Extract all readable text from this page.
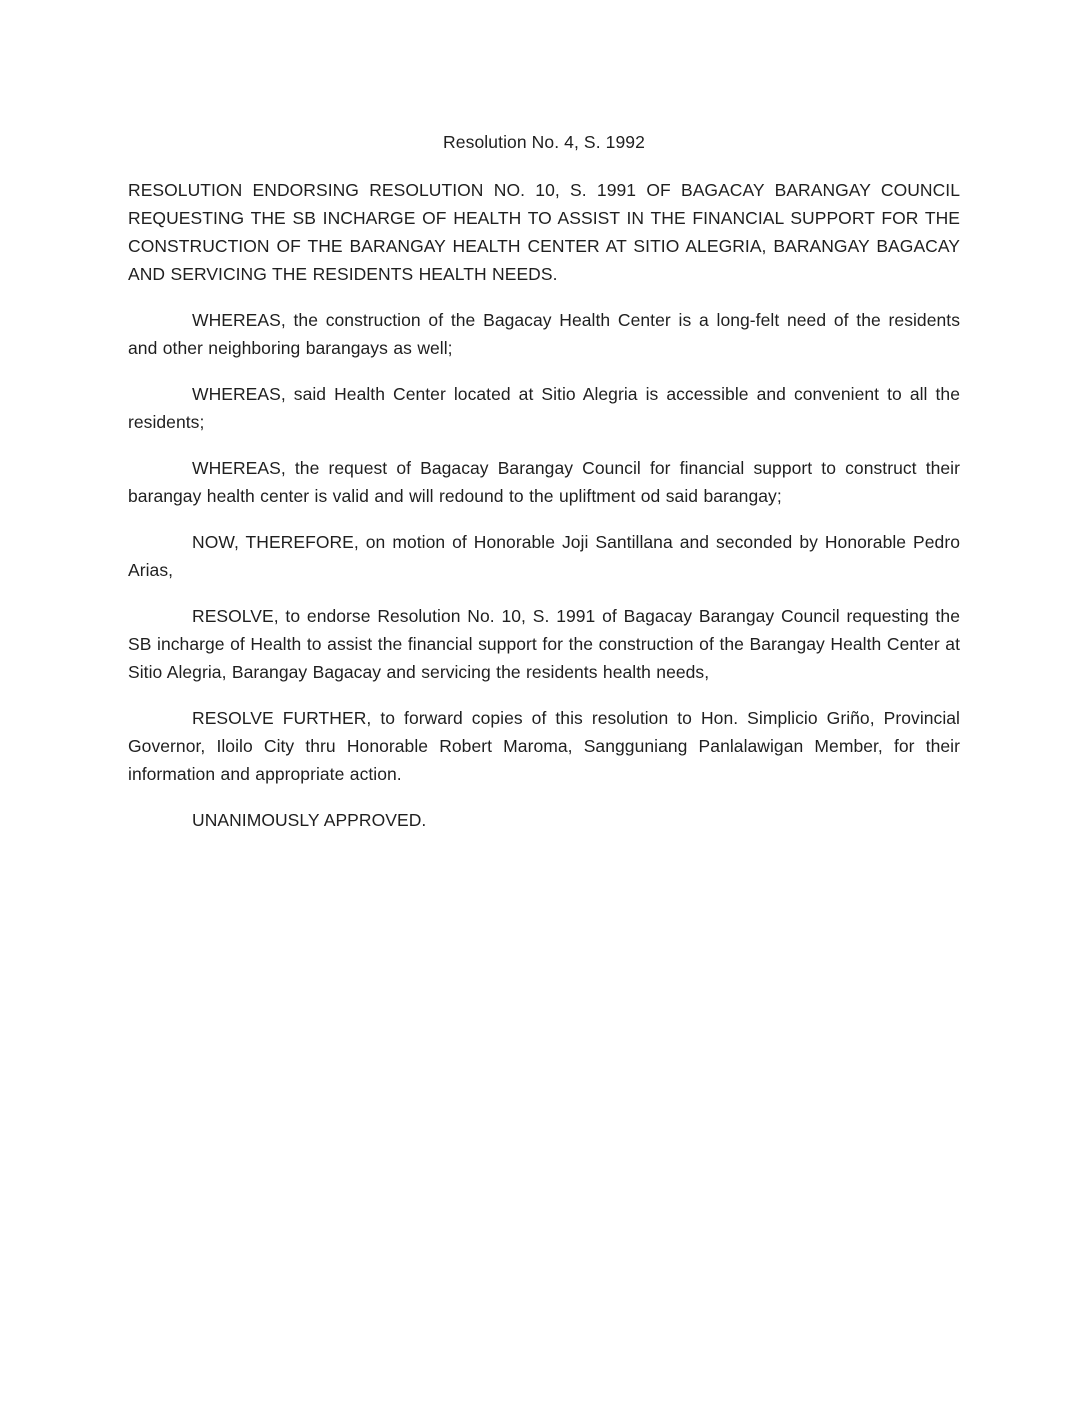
Resolution No. 4, S. 1992

RESOLUTION ENDORSING RESOLUTION NO. 10, S. 1991 OF BAGACAY BARANGAY COUNCIL REQUESTING THE SB INCHARGE OF HEALTH TO ASSIST IN THE FINANCIAL SUPPORT FOR THE CONSTRUCTION OF THE BARANGAY HEALTH CENTER AT SITIO ALEGRIA, BARANGAY BAGACAY AND SERVICING THE RESIDENTS HEALTH NEEDS.

WHEREAS, the construction of the Bagacay Health Center is a long-felt need of the residents and other neighboring barangays as well;

WHEREAS, said Health Center located at Sitio Alegria is accessible and convenient to all the residents;

WHEREAS, the request of Bagacay Barangay Council for financial support to construct their barangay health center is valid and will redound to the upliftment od said barangay;

NOW, THEREFORE, on motion of Honorable Joji Santillana and seconded by Honorable Pedro Arias,

RESOLVE, to endorse Resolution No. 10, S. 1991 of Bagacay Barangay Council requesting the SB incharge of Health to assist the financial support for the construction of the Barangay Health Center at Sitio Alegria, Barangay Bagacay and servicing the residents health needs,

RESOLVE FURTHER, to forward copies of this resolution to Hon. Simplicio Griño, Provincial Governor, Iloilo City thru Honorable Robert Maroma, Sangguniang Panlalawigan Member, for their information and appropriate action.

UNANIMOUSLY APPROVED.
